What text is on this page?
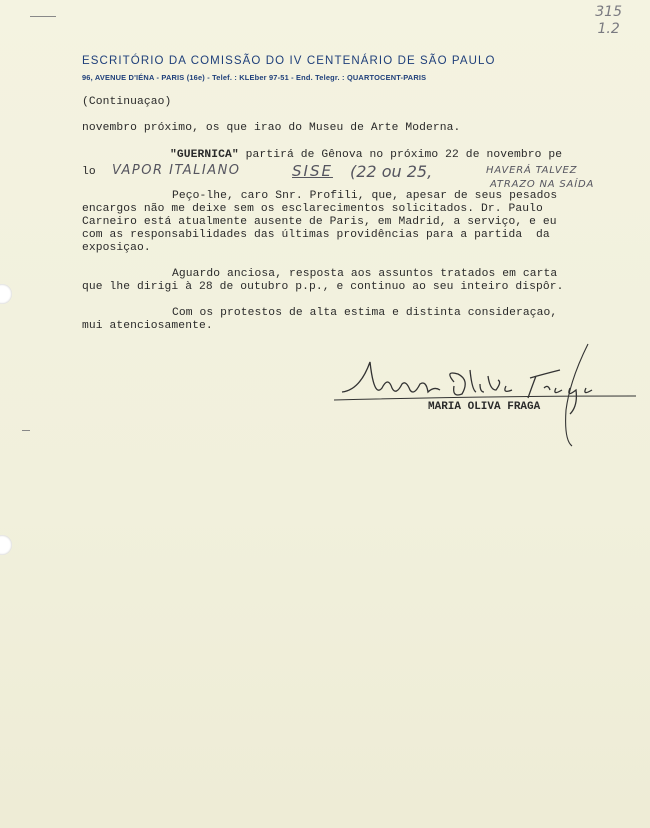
315
1.2
ESCRITÓRIO DA COMISSÃO DO IV CENTENÁRIO DE SÃO PAULO
96, AVENUE D'IÉNA - PARIS (16e) - Telef. : KLEber 97-51 - End. Telegr. : QUARTOCENT-PARIS
(Continuaçao)
novembro próximo, os que irao do Museu de Arte Moderna.
"GUERNICA" partirá de Gênova no próximo 22 de novembro pe
lo VAPOR ITALIANO	SISE (22 ou 25,	HAVERÁ TALVEZ
ATRAZO NA SAÍDA
Peço-lhe, caro Snr. Profili, que, apesar de seus pesados
encargos não me deixe sem os esclarecimentos solicitados. Dr. Paulo
Carneiro está atualmente ausente de Paris, em Madrid, a serviço, e eu
com as responsabilidades das últimas providências para a partida  da
exposiçao.
Aguardo anciosa, resposta aos assuntos tratados em carta
que lhe dirigi à 28 de outubro p.p., e continuo ao seu inteiro dispôr.
Com os protestos de alta estima e distinta consideraçao,
mui atenciosamente.
MARIA OLIVA FRAGA
